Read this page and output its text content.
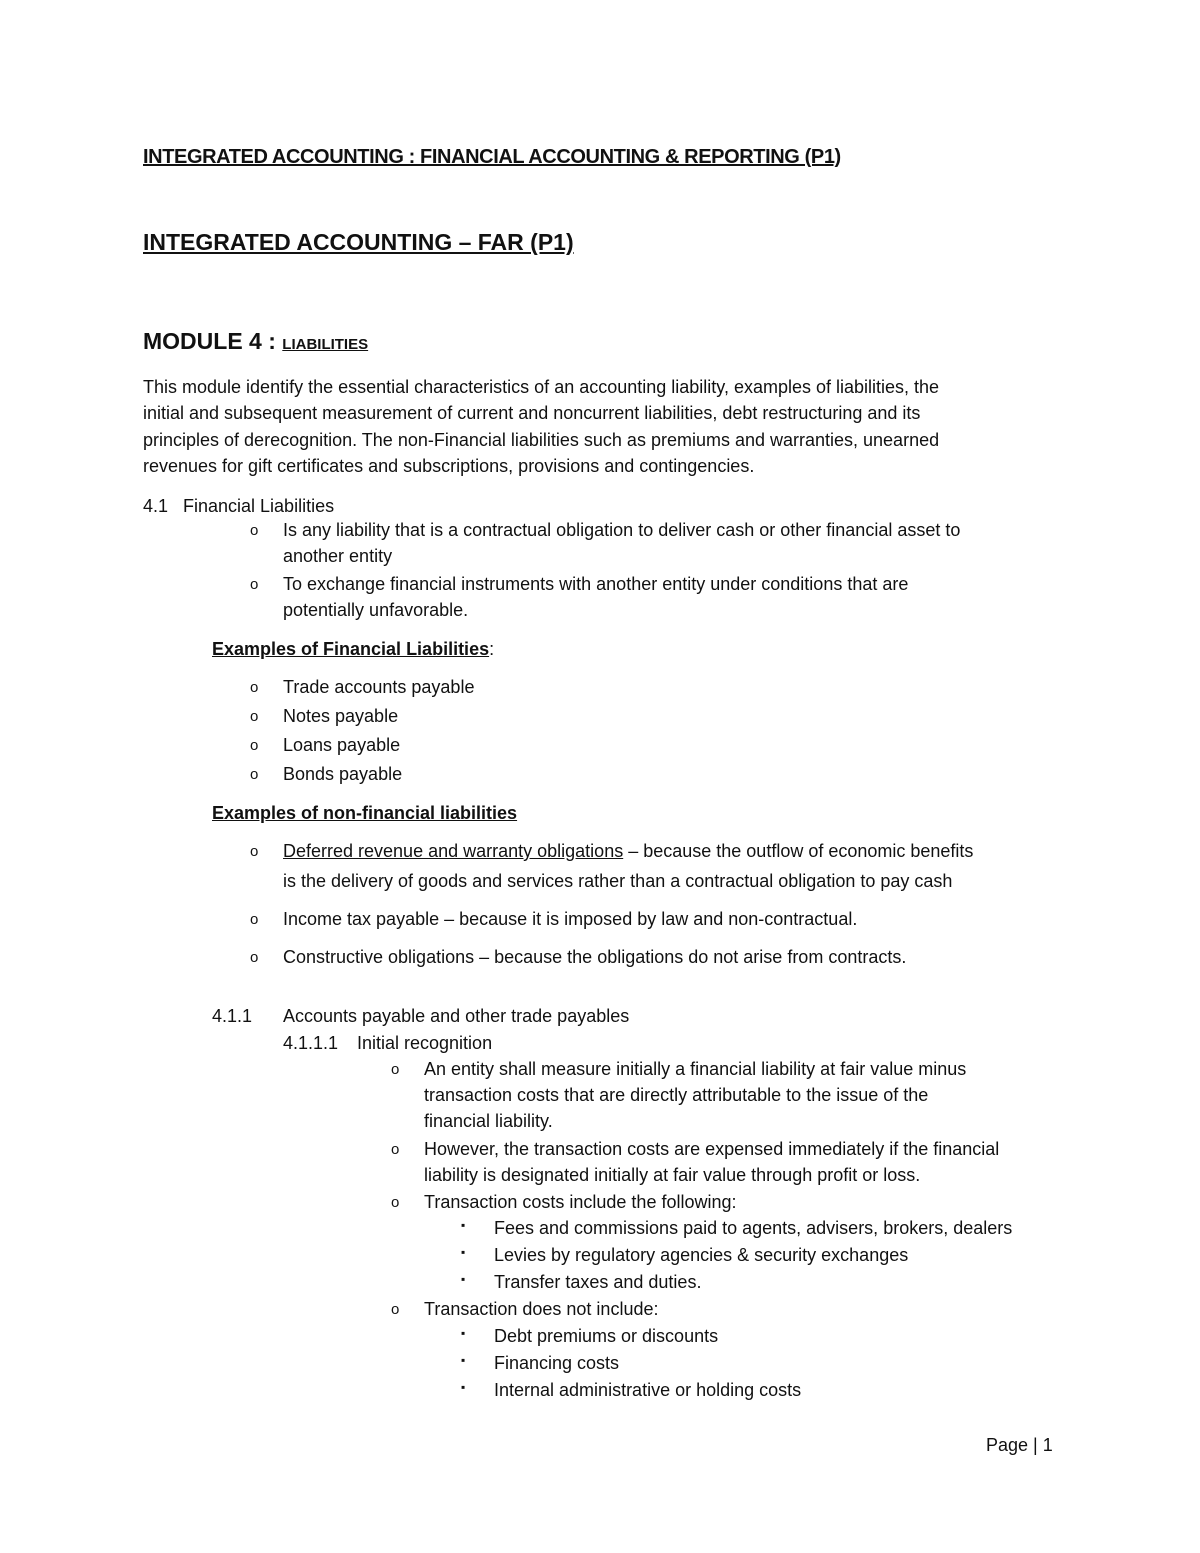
INTEGRATED ACCOUNTING : FINANCIAL ACCOUNTING & REPORTING (P1)
INTEGRATED ACCOUNTING – FAR (P1)
MODULE 4 : LIABILITIES
This module identify the essential characteristics of an accounting liability, examples of liabilities, the
initial and subsequent measurement of current and noncurrent liabilities, debt restructuring and its
principles of derecognition. The non-Financial liabilities such as premiums and warranties, unearned
revenues for gift certificates and subscriptions, provisions and contingencies.
4.1 Financial Liabilities
o Is any liability that is a contractual obligation to deliver cash or other financial asset to
another entity
o To exchange financial instruments with another entity under conditions that are
potentially unfavorable.
Examples of Financial Liabilities:
o Trade accounts payable
o Notes payable
o Loans payable
o Bonds payable
Examples of non-financial liabilities
o Deferred revenue and warranty obligations – because the outflow of economic benefits
is the delivery of goods and services rather than a contractual obligation to pay cash
o Income tax payable – because it is imposed by law and non-contractual.
o Constructive obligations – because the obligations do not arise from contracts.
4.1.1 Accounts payable and other trade payables
4.1.1.1 Initial recognition
o An entity shall measure initially a financial liability at fair value minus
transaction costs that are directly attributable to the issue of the
financial liability.
o However, the transaction costs are expensed immediately if the financial
liability is designated initially at fair value through profit or loss.
o Transaction costs include the following:
▪ Fees and commissions paid to agents, advisers, brokers, dealers
▪ Levies by regulatory agencies & security exchanges
▪ Transfer taxes and duties.
o Transaction does not include:
▪ Debt premiums or discounts
▪ Financing costs
▪ Internal administrative or holding costs
Page | 1
